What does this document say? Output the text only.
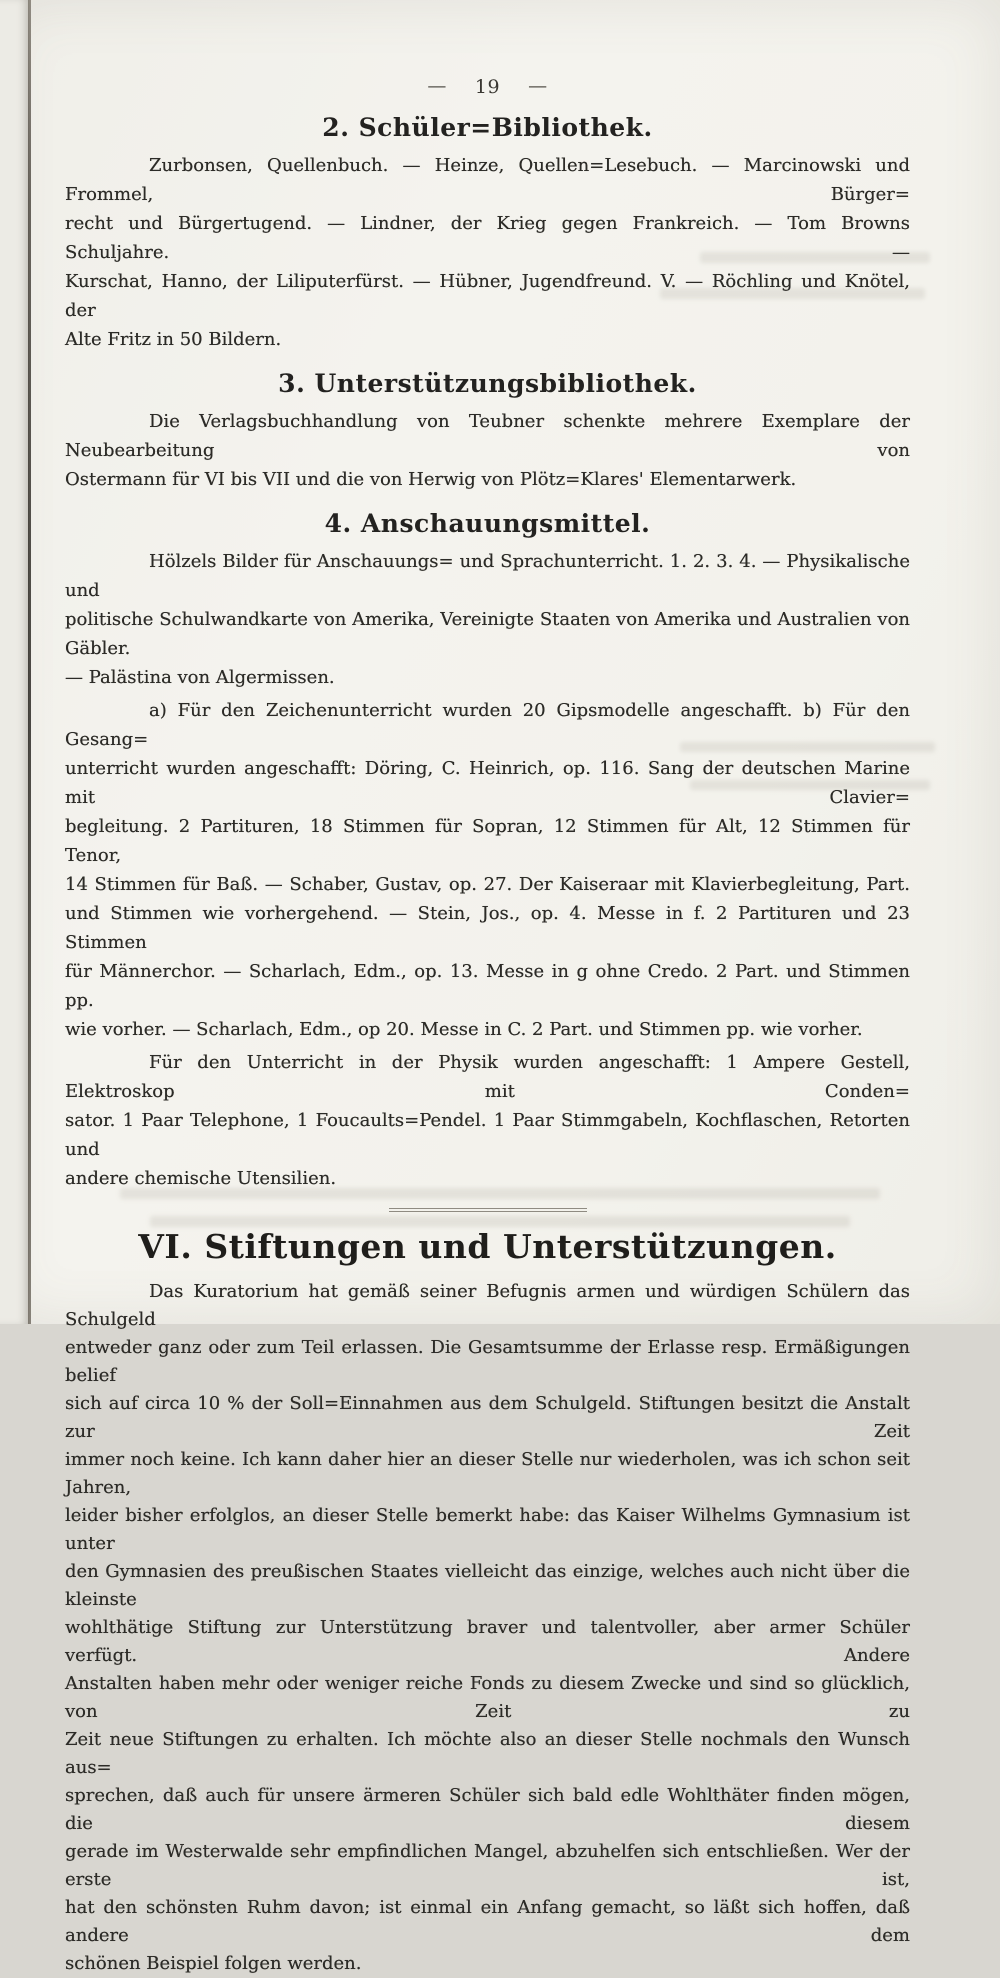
— 19 —
2. Schüler=Bibliothek.
Zurbonsen, Quellenbuch. — Heinze, Quellen=Lesebuch. — Marcinowski und Frommel, Bürger=
recht und Bürgertugend. — Lindner, der Krieg gegen Frankreich. — Tom Browns Schuljahre. —
Kurschat, Hanno, der Liliputerfürst. — Hübner, Jugendfreund. V. — Röchling und Knötel, der
Alte Fritz in 50 Bildern.
3. Unterstützungsbibliothek.
Die Verlagsbuchhandlung von Teubner schenkte mehrere Exemplare der Neubearbeitung von
Ostermann für VI bis VII und die von Herwig von Plötz=Klares' Elementarwerk.
4. Anschauungsmittel.
Hölzels Bilder für Anschauungs= und Sprachunterricht. 1. 2. 3. 4. — Physikalische und
politische Schulwandkarte von Amerika, Vereinigte Staaten von Amerika und Australien von Gäbler.
— Palästina von Algermissen.
a) Für den Zeichenunterricht wurden 20 Gipsmodelle angeschafft. b) Für den Gesang=
unterricht wurden angeschafft: Döring, C. Heinrich, op. 116. Sang der deutschen Marine mit Clavier=
begleitung. 2 Partituren, 18 Stimmen für Sopran, 12 Stimmen für Alt, 12 Stimmen für Tenor,
14 Stimmen für Baß. — Schaber, Gustav, op. 27. Der Kaiseraar mit Klavierbegleitung, Part.
und Stimmen wie vorhergehend. — Stein, Jos., op. 4. Messe in f. 2 Partituren und 23 Stimmen
für Männerchor. — Scharlach, Edm., op. 13. Messe in g ohne Credo. 2 Part. und Stimmen pp.
wie vorher. — Scharlach, Edm., op 20. Messe in C. 2 Part. und Stimmen pp. wie vorher.
Für den Unterricht in der Physik wurden angeschafft: 1 Ampere Gestell, Elektroskop mit Conden=
sator. 1 Paar Telephone, 1 Foucaults=Pendel. 1 Paar Stimmgabeln, Kochflaschen, Retorten und
andere chemische Utensilien.
VI. Stiftungen und Unterstützungen.
Das Kuratorium hat gemäß seiner Befugnis armen und würdigen Schülern das Schulgeld
entweder ganz oder zum Teil erlassen. Die Gesamtsumme der Erlasse resp. Ermäßigungen belief
sich auf circa 10 % der Soll=Einnahmen aus dem Schulgeld. Stiftungen besitzt die Anstalt zur Zeit
immer noch keine. Ich kann daher hier an dieser Stelle nur wiederholen, was ich schon seit Jahren,
leider bisher erfolglos, an dieser Stelle bemerkt habe: das Kaiser Wilhelms Gymnasium ist unter
den Gymnasien des preußischen Staates vielleicht das einzige, welches auch nicht über die kleinste
wohlthätige Stiftung zur Unterstützung braver und talentvoller, aber armer Schüler verfügt. Andere
Anstalten haben mehr oder weniger reiche Fonds zu diesem Zwecke und sind so glücklich, von Zeit zu
Zeit neue Stiftungen zu erhalten. Ich möchte also an dieser Stelle nochmals den Wunsch aus=
sprechen, daß auch für unsere ärmeren Schüler sich bald edle Wohlthäter finden mögen, die diesem
gerade im Westerwalde sehr empfindlichen Mangel, abzuhelfen sich entschließen. Wer der erste ist,
hat den schönsten Ruhm davon; ist einmal ein Anfang gemacht, so läßt sich hoffen, daß andere dem
schönen Beispiel folgen werden.
